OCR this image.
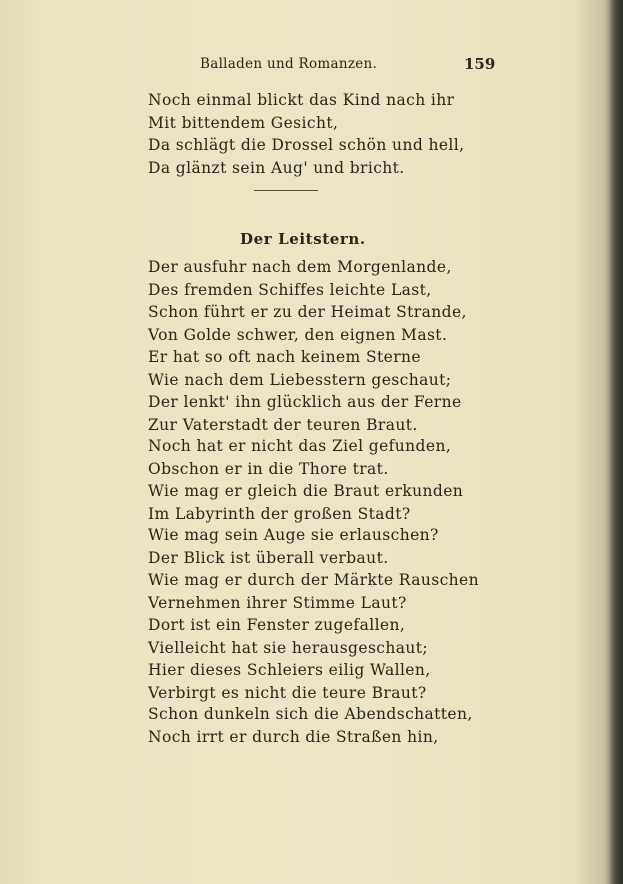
Balladen und Romanzen.	159
Noch einmal blickt das Kind nach ihr
Mit bittendem Gesicht,
Da schlägt die Drossel schön und hell,
Da glänzt sein Aug' und bricht.
Der Leitstern.
Der ausfuhr nach dem Morgenlande,
Des fremden Schiffes leichte Last,
Schon führt er zu der Heimat Strande,
Von Golde schwer, den eignen Mast.
Er hat so oft nach keinem Sterne
Wie nach dem Liebesstern geschaut;
Der lenkt' ihn glücklich aus der Ferne
Zur Vaterstadt der teuren Braut.
Noch hat er nicht das Ziel gefunden,
Obschon er in die Thore trat.
Wie mag er gleich die Braut erkunden
Im Labyrinth der großen Stadt?
Wie mag sein Auge sie erlauschen?
Der Blick ist überall verbaut.
Wie mag er durch der Märkte Rauschen
Vernehmen ihrer Stimme Laut?
Dort ist ein Fenster zugefallen,
Vielleicht hat sie herausgeschaut;
Hier dieses Schleiers eilig Wallen,
Verbirgt es nicht die teure Braut?
Schon dunkeln sich die Abendschatten,
Noch irrt er durch die Straßen hin,
